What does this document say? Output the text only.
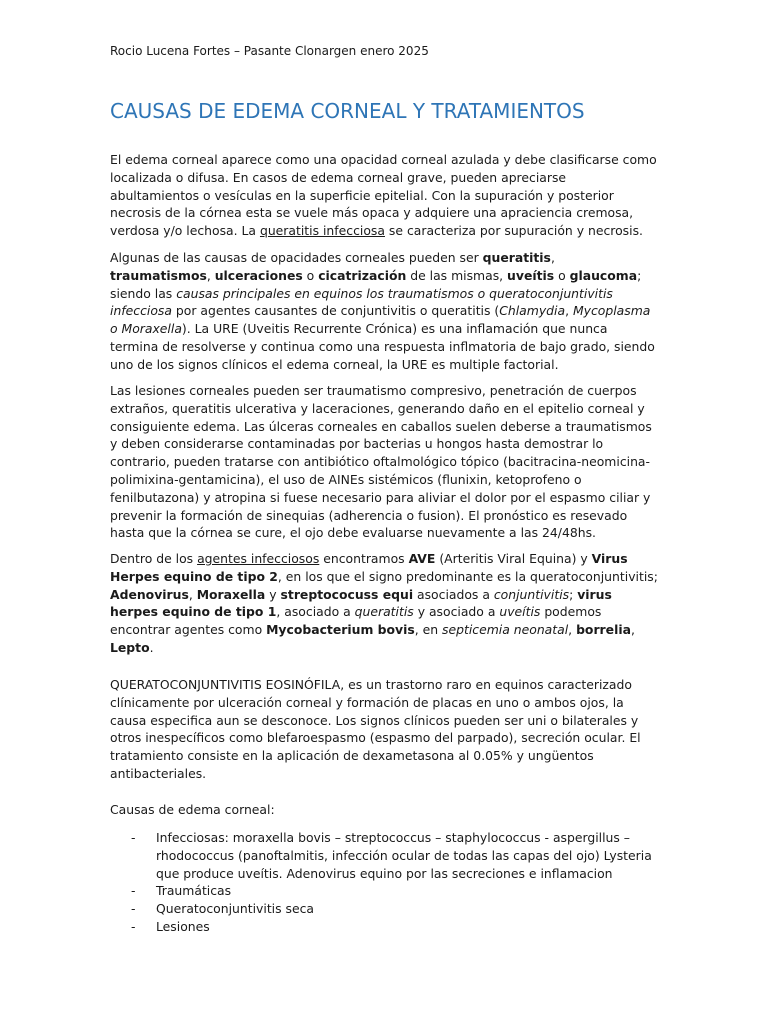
Rocio Lucena Fortes – Pasante Clonargen enero 2025
CAUSAS DE EDEMA CORNEAL Y TRATAMIENTOS

El edema corneal aparece como una opacidad corneal azulada y debe clasificarse como localizada o difusa. En casos de edema corneal grave, pueden apreciarse abultamientos o vesículas en la superficie epitelial. Con la supuración y posterior necrosis de la córnea esta se vuele más opaca y adquiere una apraciencia cremosa, verdosa y/o lechosa. La queratitis infecciosa se caracteriza por supuración y necrosis.

Algunas de las causas de opacidades corneales pueden ser queratitis, traumatismos, ulceraciones o cicatrización de las mismas, uveítis o glaucoma; siendo las causas principales en equinos los traumatismos o queratoconjuntivitis infecciosa por agentes causantes de conjuntivitis o queratitis (Chlamydia, Mycoplasma o Moraxella). La URE (Uveitis Recurrente Crónica) es una inflamación que nunca termina de resolverse y continua como una respuesta inflmatoria de bajo grado, siendo uno de los signos clínicos el edema corneal, la URE es multiple factorial.

Las lesiones corneales pueden ser traumatismo compresivo, penetración de cuerpos extraños, queratitis ulcerativa y laceraciones, generando daño en el epitelio corneal y consiguiente edema. Las úlceras corneales en caballos suelen deberse a traumatismos y deben considerarse contaminadas por bacterias u hongos hasta demostrar lo contrario, pueden tratarse con antibiótico oftalmológico tópico (bacitracina-neomicina-polimixina-gentamicina), el uso de AINEs sistémicos (flunixin, ketoprofeno o fenilbutazona) y atropina si fuese necesario para aliviar el dolor por el espasmo ciliar y prevenir la formación de sinequias (adherencia o fusion). El pronóstico es resevado hasta que la córnea se cure, el ojo debe evaluarse nuevamente a las 24/48hs.

Dentro de los agentes infecciosos encontramos AVE (Arteritis Viral Equina) y Virus Herpes equino de tipo 2, en los que el signo predominante es la queratoconjuntivitis; Adenovirus, Moraxella y streptococuss equi asociados a conjuntivitis; virus herpes equino de tipo 1, asociado a queratitis y asociado a uveítis podemos encontrar agentes como Mycobacterium bovis, en septicemia neonatal, borrelia, Lepto.

QUERATOCONJUNTIVITIS EOSINÓFILA, es un trastorno raro en equinos caracterizado clínicamente por ulceración corneal y formación de placas en uno o ambos ojos, la causa especifica aun se desconoce. Los signos clínicos pueden ser uni o bilaterales y otros inespecíficos como blefaroespasmo (espasmo del parpado), secreción ocular. El tratamiento consiste en la aplicación de dexametasona al 0.05% y ungüentos antibacteriales.

Causas de edema corneal:

- Infecciosas: moraxella bovis – streptococcus – staphylococcus - aspergillus – rhodococcus (panoftalmitis, infección ocular de todas las capas del ojo) Lysteria que produce uveítis. Adenovirus equino por las secreciones e inflamacion
- Traumáticas
- Queratoconjuntivitis seca
- Lesiones
